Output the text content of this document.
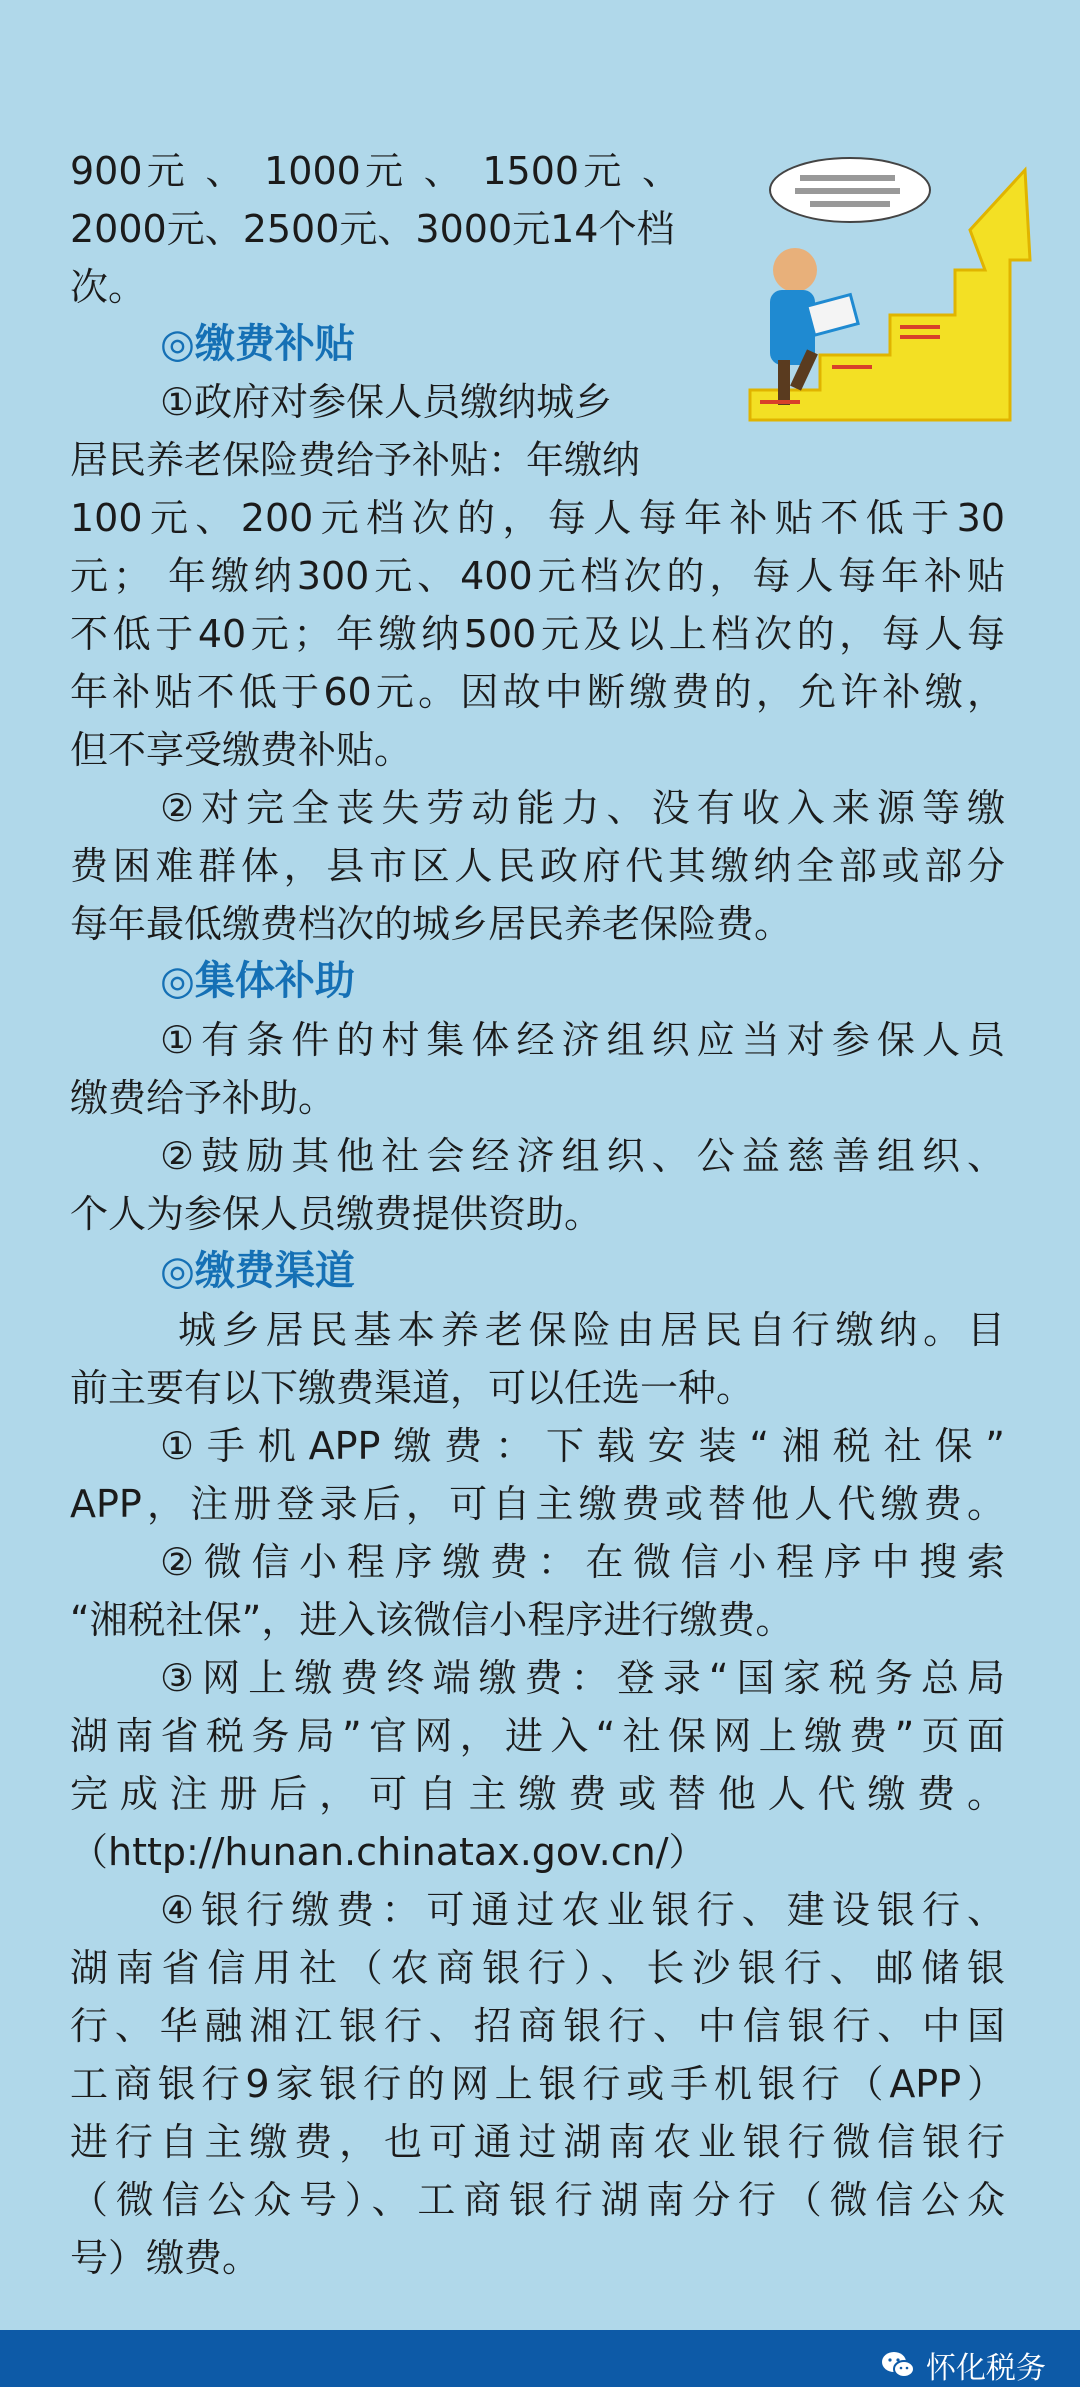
900元 、 1000元 、 1500元 、

2000元、2500元、3000元14个档

次。

◎缴费补贴

①政府对参保人员缴纳城乡

居民养老保险费给予补贴：年缴纳

100元、200元档次的，每人每年补贴不低于30

元； 年缴纳300元、400元档次的，每人每年补贴

不低于40元；年缴纳500元及以上档次的，每人每

年补贴不低于60元。因故中断缴费的，允许补缴，

但不享受缴费补贴。

②对完全丧失劳动能力、没有收入来源等缴

费困难群体，县市区人民政府代其缴纳全部或部分

每年最低缴费档次的城乡居民养老保险费。

◎集体补助

①有条件的村集体经济组织应当对参保人员

缴费给予补助。

②鼓励其他社会经济组织、公益慈善组织、

个人为参保人员缴费提供资助。

◎缴费渠道

城乡居民基本养老保险由居民自行缴纳。目

前主要有以下缴费渠道，可以任选一种。

①手机APP缴费：下载安装“湘税社保”

APP，注册登录后，可自主缴费或替他人代缴费。

②微信小程序缴费：在微信小程序中搜索

“湘税社保”，进入该微信小程序进行缴费。

③网上缴费终端缴费：登录“国家税务总局

湖南省税务局”官网，进入“社保网上缴费”页面

完成注册后，可自主缴费或替他人代缴费。

（http://hunan.chinatax.gov.cn/）

④银行缴费：可通过农业银行、建设银行、

湖南省信用社（农商银行）、长沙银行、邮储银

行、华融湘江银行、招商银行、中信银行、中国

工商银行9家银行的网上银行或手机银行（APP）

进行自主缴费，也可通过湖南农业银行微信银行

（微信公众号）、工商银行湖南分行（微信公众

号）缴费。

怀化税务
